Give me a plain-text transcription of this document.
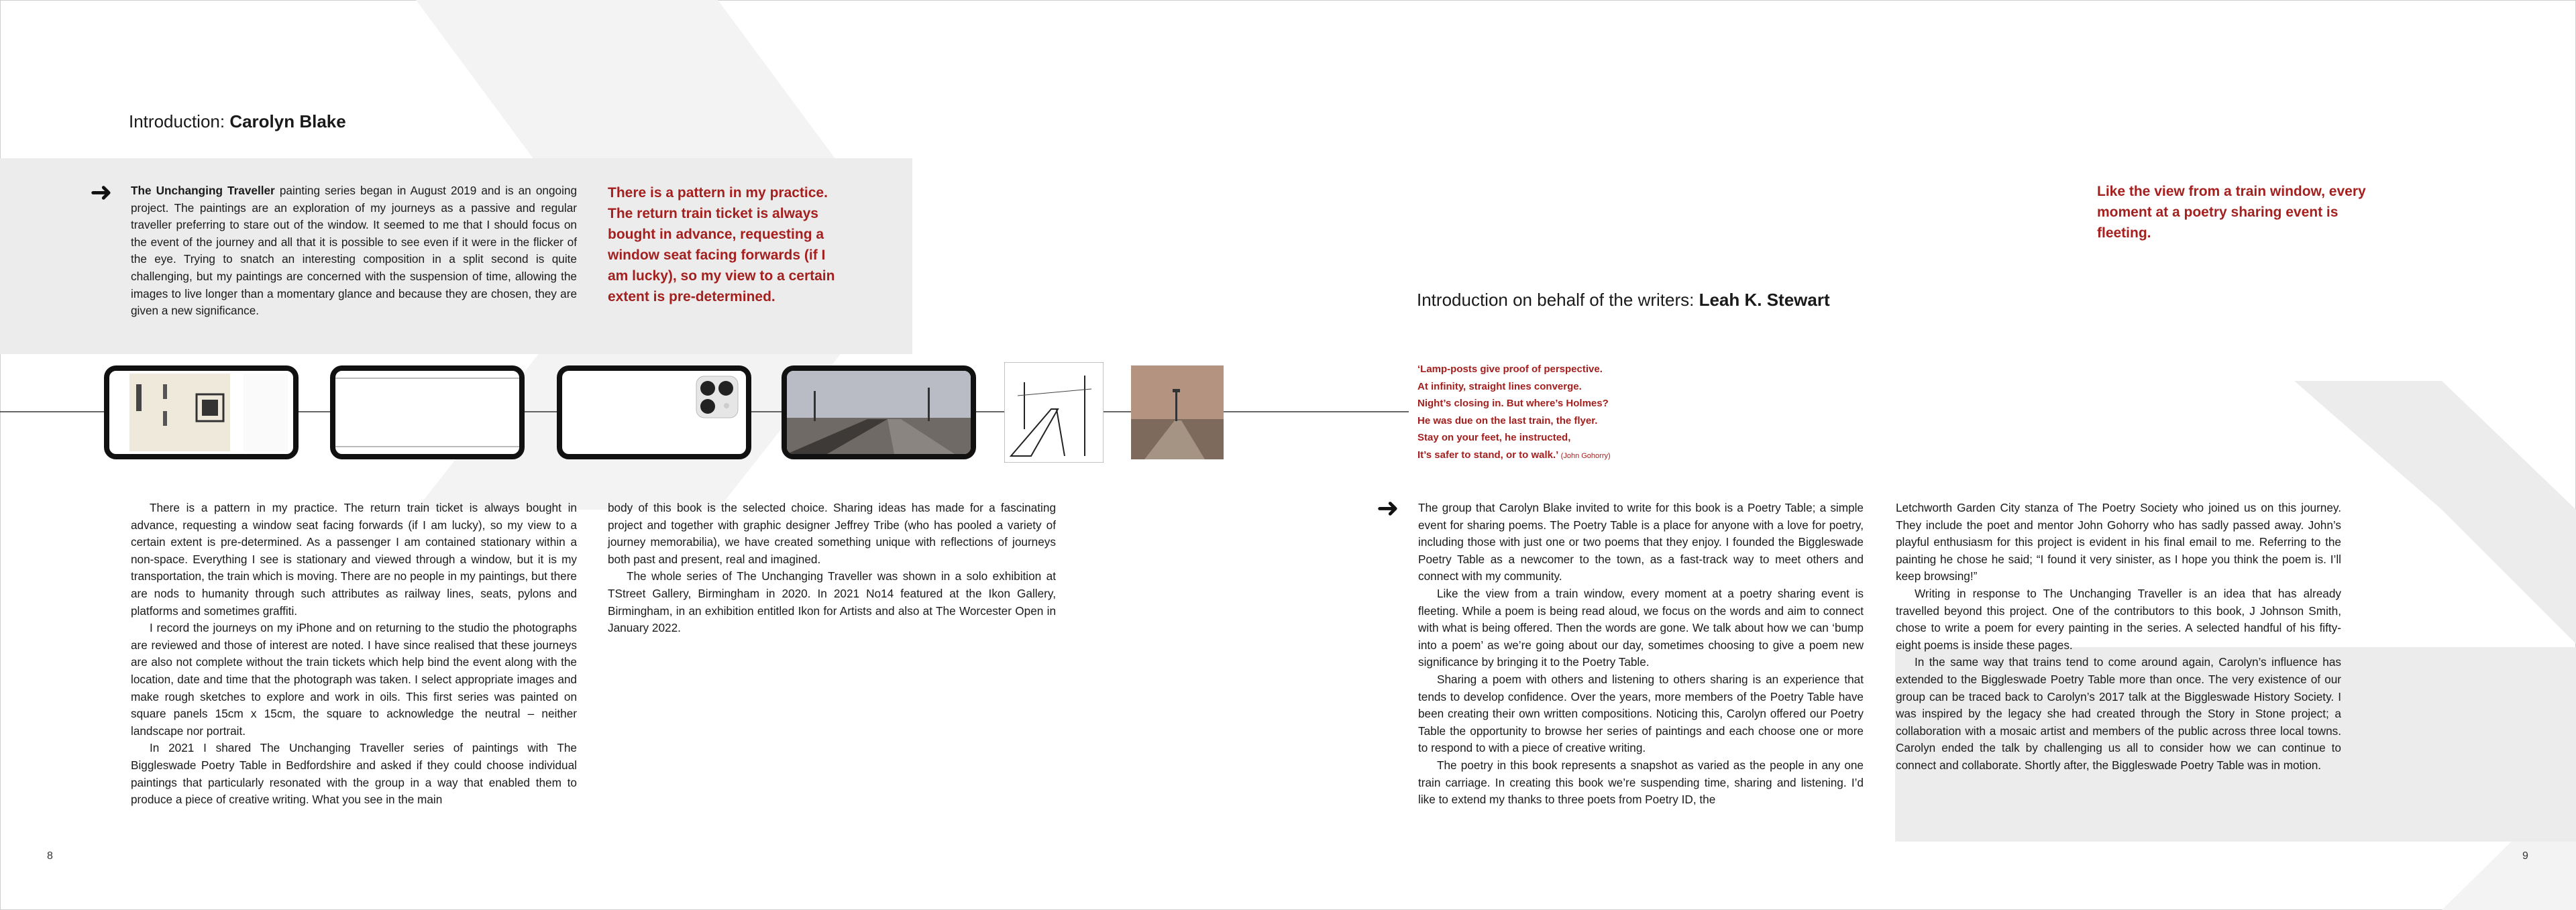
Introduction: Carolyn Blake
➜ The Unchanging Traveller painting series began in August 2019 and is an ongoing project. The paintings are an exploration of my journeys as a passive and regular traveller preferring to stare out of the window. It seemed to me that I should focus on the event of the journey and all that it is possible to see even if it were in the flicker of the eye. Trying to snatch an interesting composition in a split second is quite challenging, but my paintings are concerned with the suspension of time, allowing the images to live longer than a momentary glance and because they are chosen, they are given a new significance.

There is a pattern in my practice. The return train ticket is always bought in advance, requesting a window seat facing forwards (if I am lucky), so my view to a certain extent is pre-determined.

There is a pattern in my practice. The return train ticket is always bought in advance, requesting a window seat facing forwards (if I am lucky), so my view to a certain extent is pre-determined. As a passenger I am contained stationary within a non-space. Everything I see is stationary and viewed through a window, but it is my transportation, the train which is moving. There are no people in my paintings, but there are nods to humanity through such attributes as railway lines, seats, pylons and platforms and sometimes graffiti.

I record the journeys on my iPhone and on returning to the studio the photographs are reviewed and those of interest are noted. I have since realised that these journeys are also not complete without the train tickets which help bind the event along with the location, date and time that the photograph was taken. I select appropriate images and make rough sketches to explore and work in oils. This first series was painted on square panels 15cm x 15cm, the square to acknowledge the neutral – neither landscape nor portrait.

In 2021 I shared The Unchanging Traveller series of paintings with The Biggleswade Poetry Table in Bedfordshire and asked if they could choose individual paintings that particularly resonated with the group in a way that enabled them to produce a piece of creative writing. What you see in the main

body of this book is the selected choice. Sharing ideas has made for a fascinating project and together with graphic designer Jeffrey Tribe (who has pooled a variety of journey memorabilia), we have created something unique with reflections of journeys both past and present, real and imagined.

The whole series of The Unchanging Traveller was shown in a solo exhibition at TStreet Gallery, Birmingham in 2020. In 2021 No14 featured at the Ikon Gallery, Birmingham, in an exhibition entitled Ikon for Artists and also at The Worcester Open in January 2022.

8
Like the view from a train window, every moment at a poetry sharing event is fleeting.
Introduction on behalf of the writers: Leah K. Stewart
‘Lamp-posts give proof of perspective.
At infinity, straight lines converge.
Night’s closing in. But where’s Holmes?
He was due on the last train, the flyer.
Stay on your feet, he instructed,
It’s safer to stand, or to walk.’ (John Gohorry)
➜ The group that Carolyn Blake invited to write for this book is a Poetry Table; a simple event for sharing poems. The Poetry Table is a place for anyone with a love for poetry, including those with just one or two poems that they enjoy. I founded the Biggleswade Poetry Table as a newcomer to the town, as a fast-track way to meet others and connect with my community.

Like the view from a train window, every moment at a poetry sharing event is fleeting. While a poem is being read aloud, we focus on the words and aim to connect with what is being offered. Then the words are gone. We talk about how we can ‘bump into a poem’ as we’re going about our day, sometimes choosing to give a poem new significance by bringing it to the Poetry Table.

Sharing a poem with others and listening to others sharing is an experience that tends to develop confidence. Over the years, more members of the Poetry Table have been creating their own written compositions. Noticing this, Carolyn offered our Poetry Table the opportunity to browse her series of paintings and each choose one or more to respond to with a piece of creative writing.

The poetry in this book represents a snapshot as varied as the people in any one train carriage. In creating this book we’re suspending time, sharing and listening. I’d like to extend my thanks to three poets from Poetry ID, the

Letchworth Garden City stanza of The Poetry Society who joined us on this journey. They include the poet and mentor John Gohorry who has sadly passed away. John’s playful enthusiasm for this project is evident in his final email to me. Referring to the painting he chose he said; “I found it very sinister, as I hope you think the poem is. I’ll keep browsing!”

Writing in response to The Unchanging Traveller is an idea that has already travelled beyond this project. One of the contributors to this book, J Johnson Smith, chose to write a poem for every painting in the series. A selected handful of his fifty-eight poems is inside these pages.

In the same way that trains tend to come around again, Carolyn’s influence has extended to the Biggleswade Poetry Table more than once. The very existence of our group can be traced back to Carolyn’s 2017 talk at the Biggleswade History Society. I was inspired by the legacy she had created through the Story in Stone project; a collaboration with a mosaic artist and members of the public across three local towns. Carolyn ended the talk by challenging us all to consider how we can continue to connect and collaborate. Shortly after, the Biggleswade Poetry Table was in motion.

9
